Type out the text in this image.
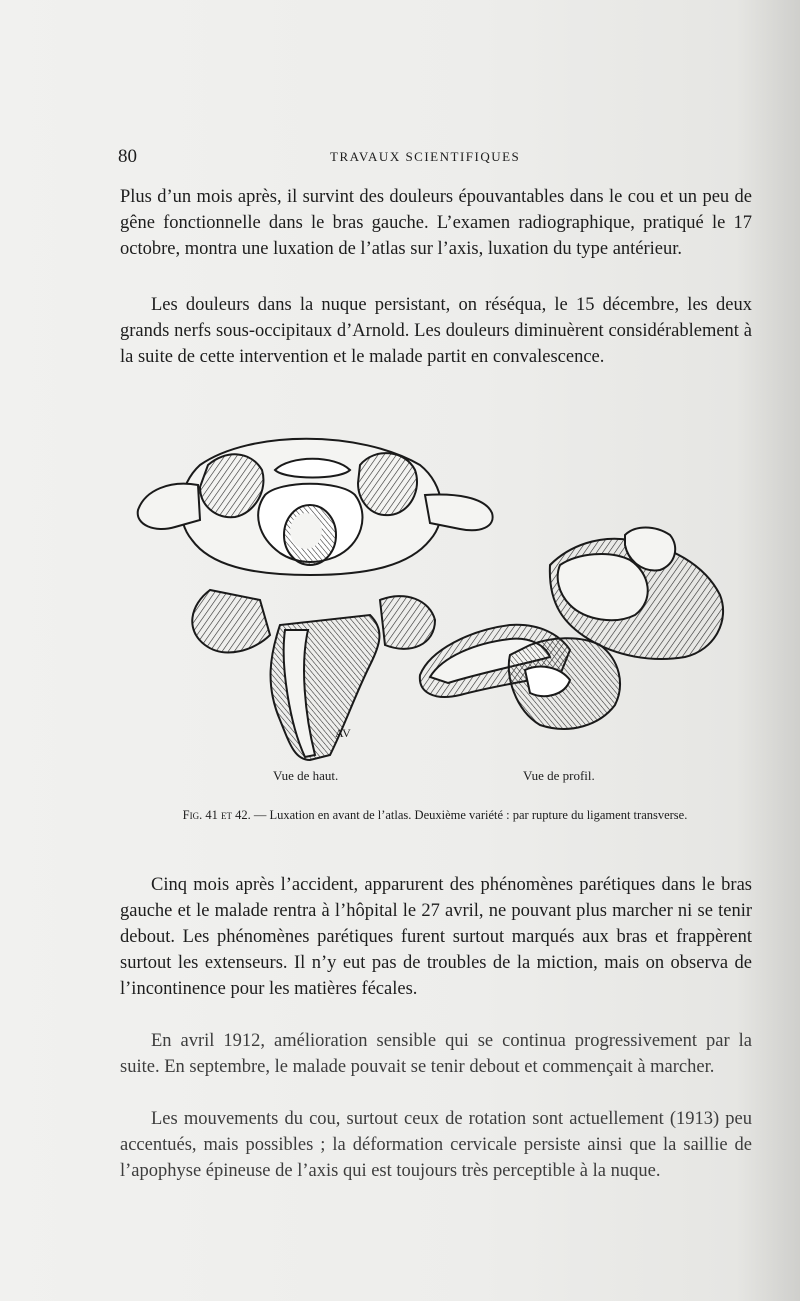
80	TRAVAUX SCIENTIFIQUES

Plus d’un mois après, il survint des douleurs épouvantables dans le cou et un peu de gêne fonctionnelle dans le bras gauche. L’examen radiographique, pratiqué le 17 octobre, montra une luxation de l’atlas sur l’axis, luxation du type antérieur.

Les douleurs dans la nuque persistant, on réséqua, le 15 décembre, les deux grands nerfs sous-occipitaux d’Arnold. Les douleurs diminuèrent considérablement à la suite de cette intervention et le malade partit en convalescence.

AV
Vue de haut.	Vue de profil.
Fig. 41 et 42. — Luxation en avant de l’atlas. Deuxième variété : par rupture du ligament transverse.

Cinq mois après l’accident, apparurent des phénomènes parétiques dans le bras gauche et le malade rentra à l’hôpital le 27 avril, ne pouvant plus marcher ni se tenir debout. Les phénomènes parétiques furent surtout marqués aux bras et frappèrent surtout les extenseurs. Il n’y eut pas de troubles de la miction, mais on observa de l’incontinence pour les matières fécales.

En avril 1912, amélioration sensible qui se continua progressivement par la suite. En septembre, le malade pouvait se tenir debout et commençait à marcher.

Les mouvements du cou, surtout ceux de rotation sont actuellement (1913) peu accentués, mais possibles ; la déformation cervicale persiste ainsi que la saillie de l’apophyse épineuse de l’axis qui est toujours très perceptible à la nuque.
